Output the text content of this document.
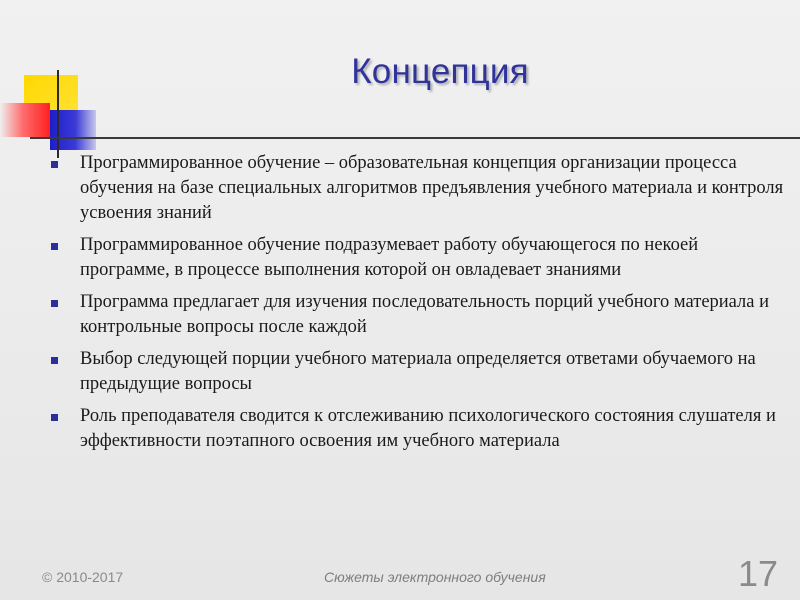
Концепция
Программированное обучение – образовательная концепция организации процесса обучения на базе специальных алгоритмов предъявления учебного материала и контроля усвоения знаний
Программированное обучение подразумевает работу обучающегося по некоей программе, в процессе выполнения которой он овладевает знаниями
Программа предлагает для изучения последовательность порций учебного материала и контрольные вопросы после каждой
Выбор следующей порции учебного материала определяется ответами обучаемого на предыдущие вопросы
Роль преподавателя сводится к отслеживанию психологического состояния слушателя и эффективности поэтапного освоения им учебного материала
© 2010-2017	Сюжеты электронного обучения	17
